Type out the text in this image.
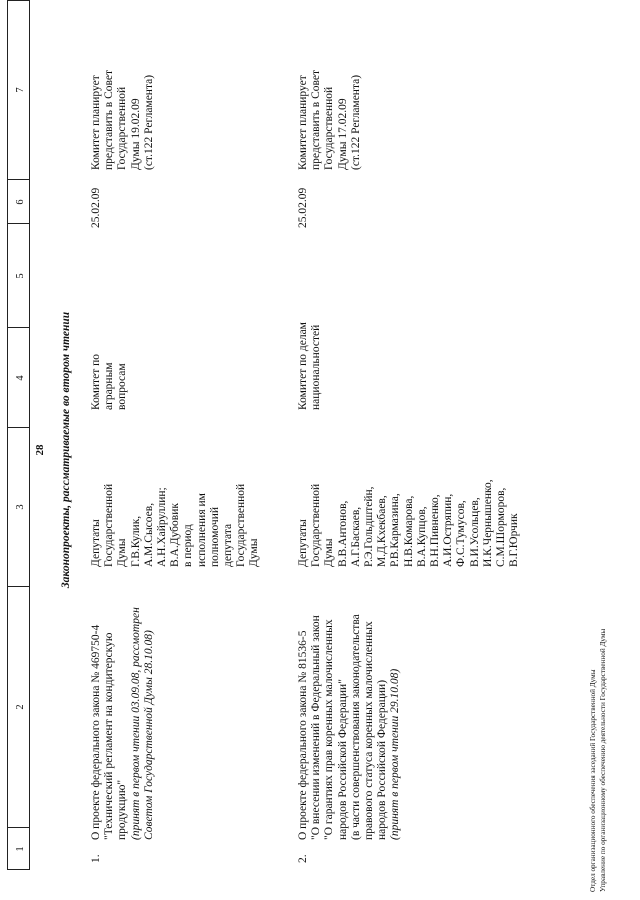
28
1
2
3
4
5
6
7
Законопроекты, рассматриваемые во втором чтении
1.
О проекте федерального закона № 469750-4 "Технический регламент на кондитерскую продукцию" (принят в первом чтении 03.09.08, рассмотрен Советом Государственной Думы 28.10.08)
Депутаты Государственной Думы Г.В.Кулик, А.М.Сысоев, А.Н.Хайруллин; В.А.Дубовик в период исполнения им полномочий депутата Государственной Думы
Комитет по аграрным вопросам
25.02.09
Комитет планирует представить в Совет Государственной Думы 19.02.09 (ст.122 Регламента)
2.
О проекте федерального закона № 81536-5 "О внесении изменений в Федеральный закон "О гарантиях прав коренных малочисленных народов Российской Федерации" (в части совершенствования законодательства правового статуса коренных малочисленных народов Российской Федерации) (принят в первом чтении 29.10.08)
Депутаты Государственной Думы В.В.Антонов, А.Г.Баскаев, Р.Э.Гольдштейн, М.Д.Кхекбаев, Р.В.Кармазина, Н.В.Комарова, В.А.Купцов, В.Н.Пивненко, А.И.Остряпин, Ф.С.Тумусов, В.И.Усольцев, И.К.Чернышенко, С.М.Шорморов, В.Г.Юрчик
Комитет по делам национальностей
25.02.09
Комитет планирует представить в Совет Государственной Думы 17.02.09 (ст.122 Регламента)
Отдел организационного обеспечения заседаний Государственной Думы Управление по организационному обеспечению деятельности Государственной Думы
